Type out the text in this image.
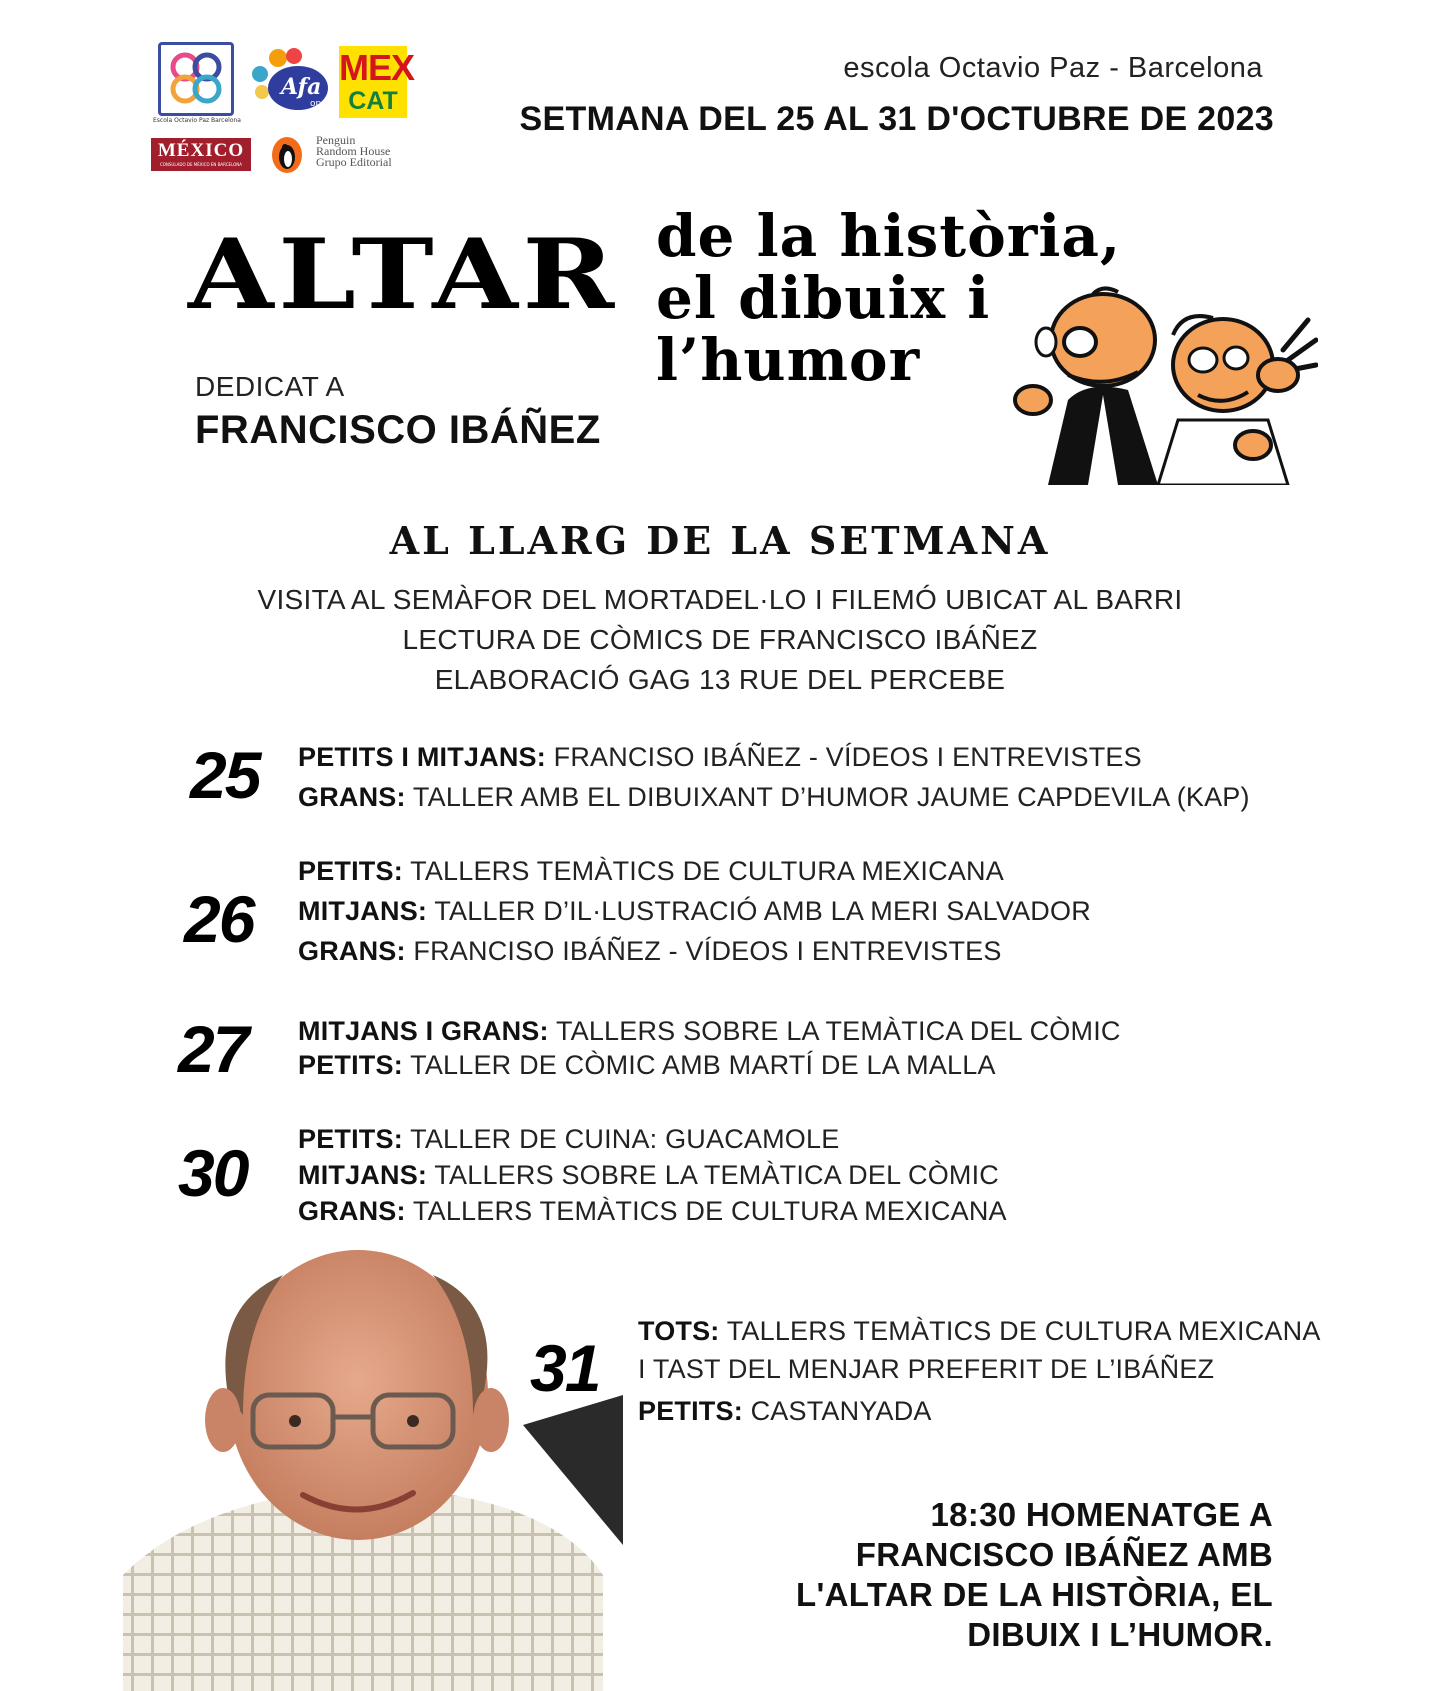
Escola Octavio Paz Barcelona
Afa
op
MEX
CAT
MÉXICO
CONSULADO DE MÉXICO EN BARCELONA
Penguin
Random House
Grupo Editorial
escola Octavio Paz - Barcelona
SETMANA DEL 25 AL 31 D'OCTUBRE DE 2023
ALTAR de la història,
el dibuix i
l’humor
DEDICAT A
FRANCISCO IBÁÑEZ
AL LLARG DE LA SETMANA
VISITA AL SEMÀFOR DEL MORTADEL·LO I FILEMÓ UBICAT AL BARRI
LECTURA DE CÒMICS DE FRANCISCO IBÁÑEZ
ELABORACIÓ GAG 13 RUE DEL PERCEBE
25 PETITS I MITJANS: FRANCISO IBÁÑEZ - VÍDEOS I ENTREVISTES
GRANS: TALLER AMB EL DIBUIXANT D’HUMOR JAUME CAPDEVILA (KAP)
26
PETITS: TALLERS TEMÀTICS DE CULTURA MEXICANA
MITJANS: TALLER D’IL·LUSTRACIÓ AMB LA MERI SALVADOR
GRANS: FRANCISO IBÁÑEZ - VÍDEOS I ENTREVISTES
27 MITJANS I GRANS: TALLERS SOBRE LA TEMÀTICA DEL CÒMIC
PETITS: TALLER DE CÒMIC AMB MARTÍ DE LA MALLA
30 PETITS: TALLER DE CUINA: GUACAMOLE
MITJANS: TALLERS SOBRE LA TEMÀTICA DEL CÒMIC
GRANS: TALLERS TEMÀTICS DE CULTURA MEXICANA
31 TOTS: TALLERS TEMÀTICS DE CULTURA MEXICANA
I TAST DEL MENJAR PREFERIT DE L’IBÁÑEZ
PETITS: CASTANYADA
18:30 HOMENATGE A
FRANCISCO IBÁÑEZ AMB
L'ALTAR DE LA HISTÒRIA, EL
DIBUIX I L’HUMOR.
